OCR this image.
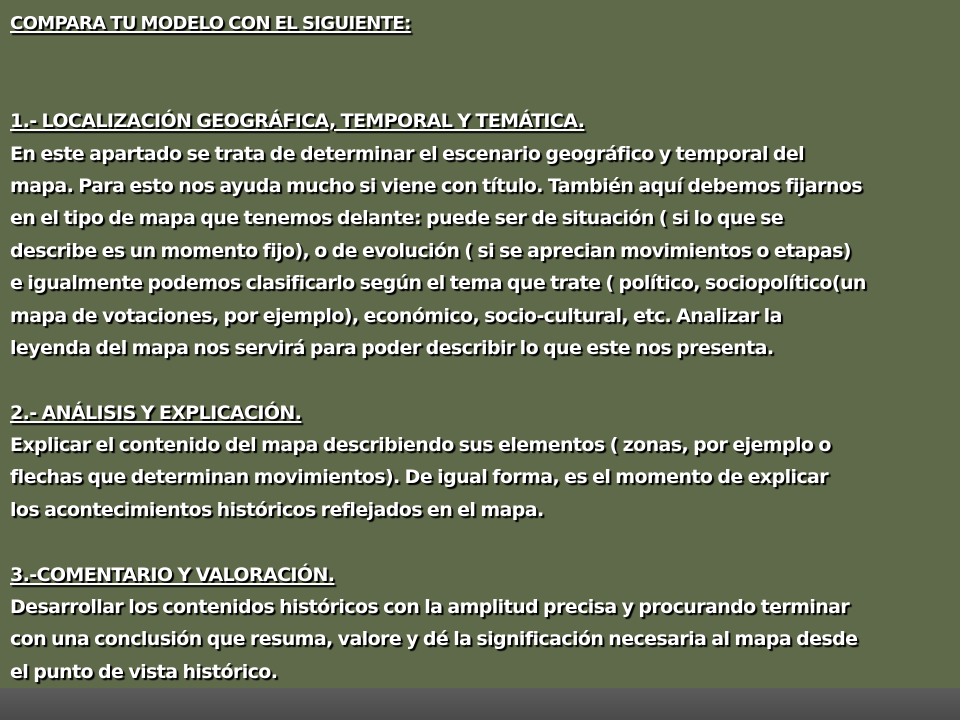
COMPARA TU MODELO CON EL SIGUIENTE:
1.- LOCALIZACIÓN GEOGRÁFICA, TEMPORAL Y TEMÁTICA.
En este apartado se trata de determinar el escenario geográfico y temporal del
mapa. Para esto nos ayuda mucho si viene con título. También aquí debemos fijarnos
en el tipo de mapa que tenemos delante: puede ser de situación ( si lo que se
describe es un momento fijo), o de evolución ( si se aprecian movimientos o etapas)
e igualmente podemos clasificarlo según el tema que trate ( político, sociopolítico(un
mapa de votaciones, por ejemplo), económico, socio-cultural, etc. Analizar la
leyenda del mapa nos servirá para poder describir lo que este nos presenta.
2.- ANÁLISIS Y EXPLICACIÓN.
Explicar el contenido del mapa describiendo sus elementos ( zonas, por ejemplo o
flechas que determinan movimientos). De igual forma, es el momento de explicar
los acontecimientos históricos reflejados en el mapa.
3.-COMENTARIO Y VALORACIÓN.
Desarrollar los contenidos históricos con la amplitud precisa y procurando terminar
con una conclusión que resuma, valore y dé la significación necesaria al mapa desde
el punto de vista histórico.
